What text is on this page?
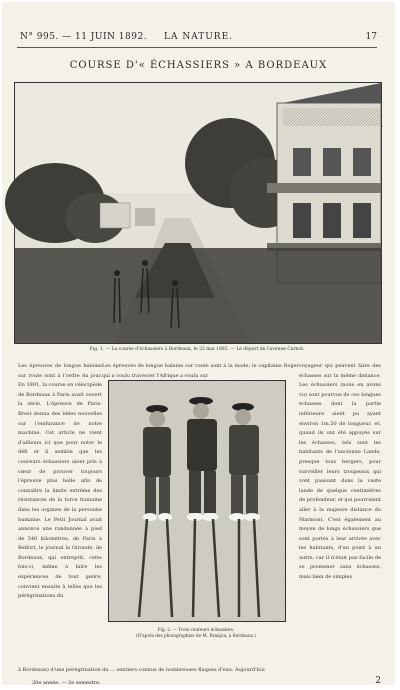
N° 995. — 11 JUIN 1892. LA NATURE.	17
COURSE D'« ÉCHASSIERS » A BORDEAUX
Fig. 1. — La course d'échassiers à Bordeaux, le 22 mai 1892. — Le départ de l'avenue Carnot.
Les épreuves de longue haleine sur route sont à la mode; le capitaine Roger qui a voulu traverser l'Afrique a voulu sur
Les épreuves de longue haleine sur route sont à l'ordre du jour. En 1891, la course en vélocipède de Bordeaux à Paris avait ouvert la série. L'épreuve de Paris-Brest donna des idées nouvelles sur l'endurance de notre machine. Cet article ne vient d'ailleurs ici que pour noter le défi et il semble que les coureurs échassiers aient pris à cœur de prouver toujours l'épreuve plus belle afin de connaître la limite extrême des résistances de la force humaine dans les organes de la personne humaine. Le Petit Journal avait annoncé une randonnée à pied de 540 kilomètres, de Paris à Belfort, le journal la Gironde, de Bordeaux, qui entreprit, cette fois-ci, même à faire les expériences de tout genre, convient ensuite à telles que les pérégrinations du
voyageur qui peuvent faire des échasses sur la même distance. Les échassiers (nous en avons vu) sont pourvus de ces longues échasses dont la partie inférieure aient pu ayant environ 1m,50 de longueur, et, quand ils ont été appuyés sur les échasses, tels sont les habitants de l'ancienne Lande, presque tous bergers, pour surveiller leurs troupeaux qui vont paissant dans la vaste lande de quelque centimètres de profondeur, et qui pourraient aller à la majeure distance du Marmont. C'est également au moyen de longs échassiers que sont portés à leur arrivée avec les habitants, d'un point à un autre, car il n'était pas facile de se promener sans échasses, mais bien de simples
Fig. 2. — Trois coureurs échassiers.
(D'après des photographies de M. Panajou, à Bordeaux.)
à Bordeaux) d'une pérégrination du ... sentiers connus de nombreuses flaques d'eau. Aujourd'hui
20e année. — 2e semestre.	2
